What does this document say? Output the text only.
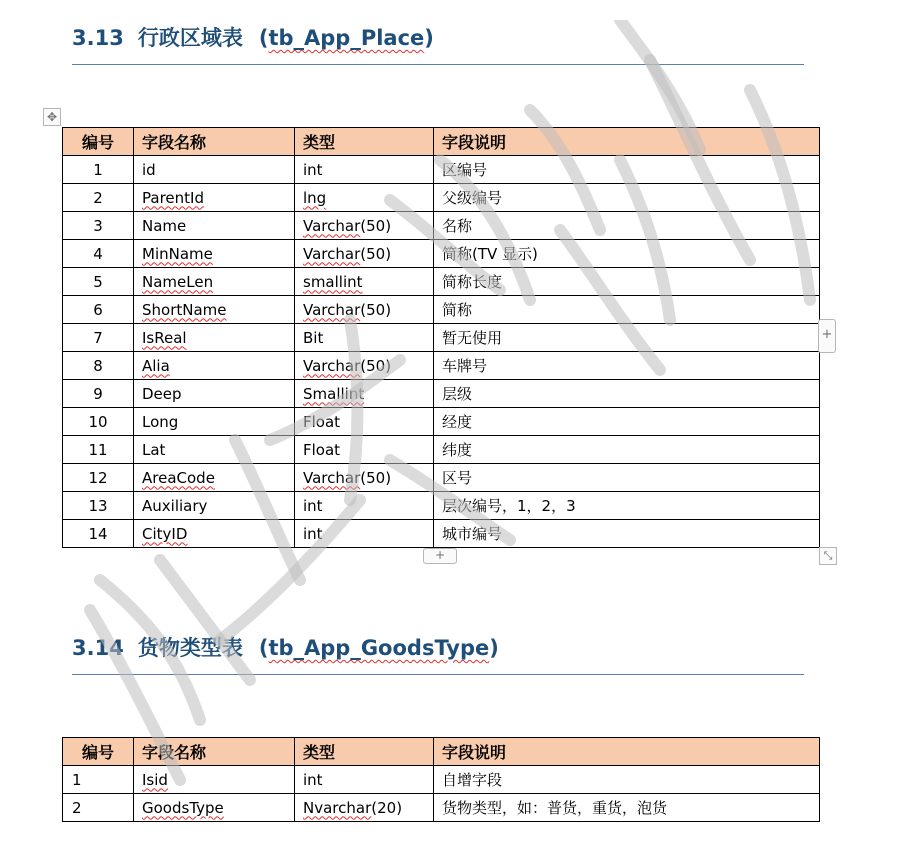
3.13 行政区域表 (tb_App_Place)
✥
编号	字段名称	类型	字段说明
1	id	int	区编号
2	ParentId	lng	父级编号
3	Name	Varchar(50)	名称
4	MinName	Varchar(50)	简称(TV 显示)
5	NameLen	smallint	简称长度
6	ShortName	Varchar(50)	简称
7	IsReal	Bit	暂无使用
8	Alia	Varchar(50)	车牌号
9	Deep	Smallint	层级
10	Long	Float	经度
11	Lat	Float	纬度
12	AreaCode	Varchar(50)	区号
13	Auxiliary	int	层次编号，1，2，3
14	CityID	int	城市编号
+
+	⤡
3.14 货物类型表 (tb_App_GoodsType)
编号	字段名称	类型	字段说明
1	Isid	int	自增字段
2	GoodsType	Nvarchar(20)	货物类型，如：普货，重货，泡货
